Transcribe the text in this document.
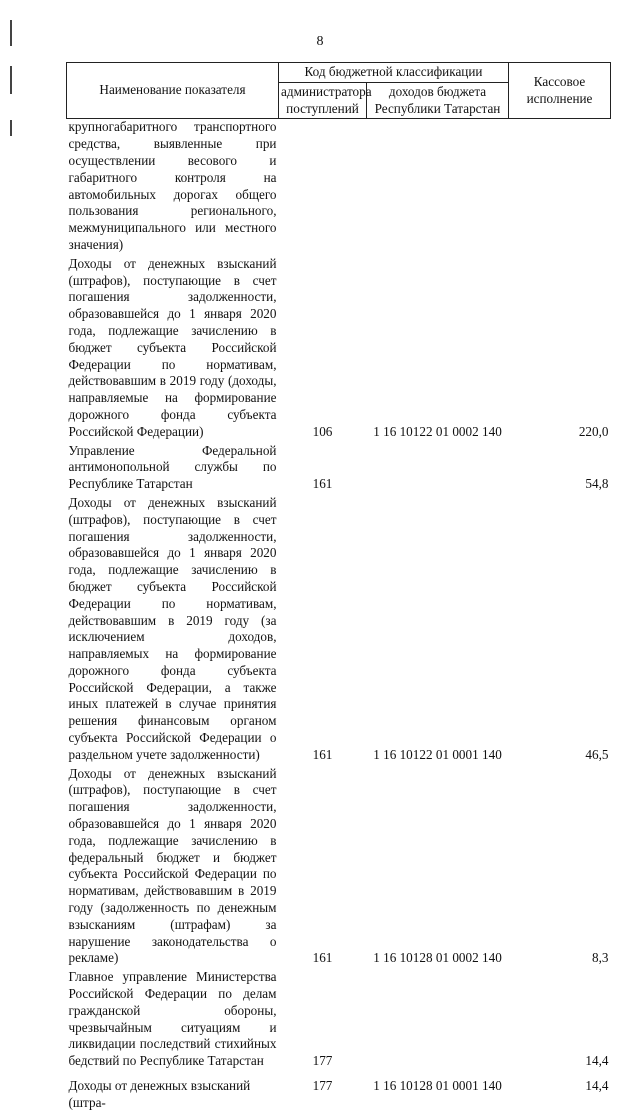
8
Наименование показателя	Код бюджетной классификации		Кассовое исполнение
	администратора поступлений	доходов бюджета Республики Татарстан	
крупногабаритного транспортного средства, выявленные при осуществлении весового и габаритного контроля на автомобильных дорогах общего пользования регионального, межмуниципального или местного значения)			
Доходы от денежных взысканий (штрафов), поступающие в счет погашения задолженности, образовавшейся до 1 января 2020 года, подлежащие зачислению в бюджет субъекта Российской Федерации по нормативам, действовавшим в 2019 году (доходы, направляемые на формирование дорожного фонда субъекта Российской Федерации)	106	1 16 10122 01 0002 140	220,0
Управление Федеральной антимонопольной службы по Республике Татарстан	161		54,8
Доходы от денежных взысканий (штрафов), поступающие в счет погашения задолженности, образовавшейся до 1 января 2020 года, подлежащие зачислению в бюджет субъекта Российской Федерации по нормативам, действовавшим в 2019 году (за исключением доходов, направляемых на формирование дорожного фонда субъекта Российской Федерации, а также иных платежей в случае принятия решения финансовым органом субъекта Российской Федерации о раздельном учете задолженности)	161	1 16 10122 01 0001 140	46,5
Доходы от денежных взысканий (штрафов), поступающие в счет погашения задолженности, образовавшейся до 1 января 2020 года, подлежащие зачислению в федеральный бюджет и бюджет субъекта Российской Федерации по нормативам, действовавшим в 2019 году (задолженность по денежным взысканиям (штрафам) за нарушение законодательства о рекламе)	161	1 16 10128 01 0002 140	8,3
Главное управление Министерства Российской Федерации по делам гражданской обороны, чрезвычайным ситуациям и ликвидации последствий стихийных бедствий по Республике Татарстан	177		14,4
Доходы от денежных взысканий (штра-	177	1 16 10128 01 0001 140	14,4
